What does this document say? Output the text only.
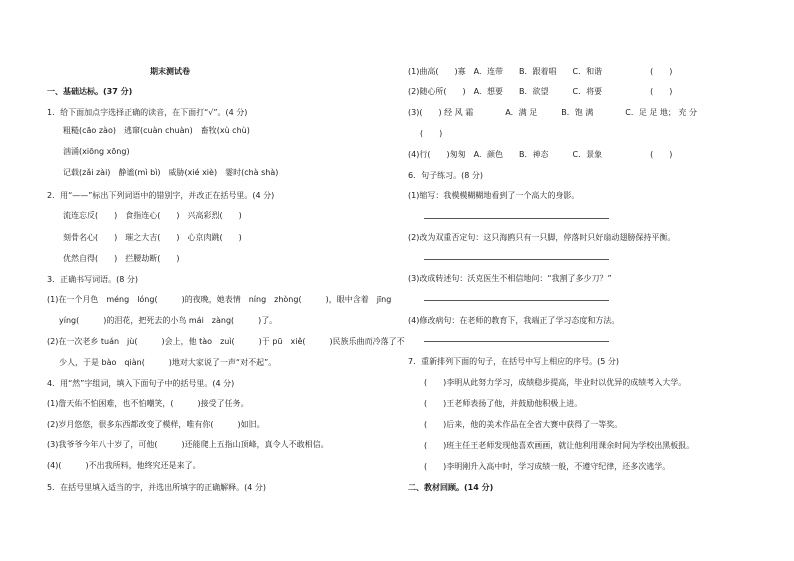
期末测试卷
一、基础达标。(37 分)
1．给下面加点字选择正确的读音，在下面打“√”。(4 分)
粗糙(cāo zào)　逃窜(cuàn chuàn)　畜牧(xù chù)
汹涌(xiōng xōng)
记载(zǎi zài)　静谧(mì bì)　威胁(xié xiè)　霎时(chà shà)
2．用“——”标出下列词语中的错别字，并改正在括号里。(4 分)
流连忘反(　　)　食指连心(　　)　兴高彩烈(　　)
刻骨名心(　　)　璀之大吉(　　)　心京肉跳(　　)
优然自得(　　)　拦腰劫断(　　)
3．正确书写词语。(8 分)
(1)在一个月色　méng　lóng(　　　)的夜晚，她表情　níng　zhòng(　　　)，眼中含着　jīng
yíng(　　　)的泪花，把死去的小鸟 mái　zàng(　　　)了。
(2)在一次老乡 tuán　jù(　　　)会上，他 tào　zuì(　　　)于 pū　xiě(　　　)民族乐曲而冷落了不
少人，于是 bào　qiàn(　　　)地对大家说了一声“对不起”。
4．用“然”字组词，填入下面句子中的括号里。(4 分)
(1)詹天佑不怕困难，也不怕嘲笑，(　　　)接受了任务。
(2)岁月悠悠，很多东西都改变了模样，唯有你(　　　)如旧。
(3)我爷爷今年八十岁了，可他(　　　)还能爬上五指山顶峰，真令人不敢相信。
(4)(　　　)不出我所料，他终究还是来了。
5．在括号里填入适当的字，并选出所填字的正确解释。(4 分)
(1)曲高(　　)寡　A．连带　　B．跟着唱　　C．和谐　　　　　　(　　)
(2)随心所(　　)　A．想要　　B．欲望　　　C．将要　　　　　　(　　)
(3)(　　) 经 风 霜　　　　A．满 足　　　B．饱 满　　　　C．足 足 地； 充 分
(　　)
(4)行(　　)匆匆　A．颜色　　B．神态　　　C．景象　　　　　　(　　)
6．句子练习。(8 分)
(1)缩写：我模模糊糊地看到了一个高大的身影。
(2)改为双重否定句：这只海鸥只有一只脚，停落时只好扇动翅膀保持平衡。
(3)改成转述句：沃克医生不相信地问：“我割了多少刀？”
(4)修改病句：在老师的教育下，我端正了学习态度和方法。
7．重新排列下面的句子，在括号中写上相应的序号。(5 分)
(　　)李明从此努力学习，成绩稳步提高，毕业时以优异的成绩考入大学。
(　　)王老师表扬了他，并鼓励他积极上进。
(　　)后来，他的美术作品在全省大赛中获得了一等奖。
(　　)班主任王老师发现他喜欢画画，就让他利用课余时间为学校出黑板报。
(　　)李明刚升入高中时，学习成绩一般，不遵守纪律，还多次逃学。
二、教材回顾。(14 分)
